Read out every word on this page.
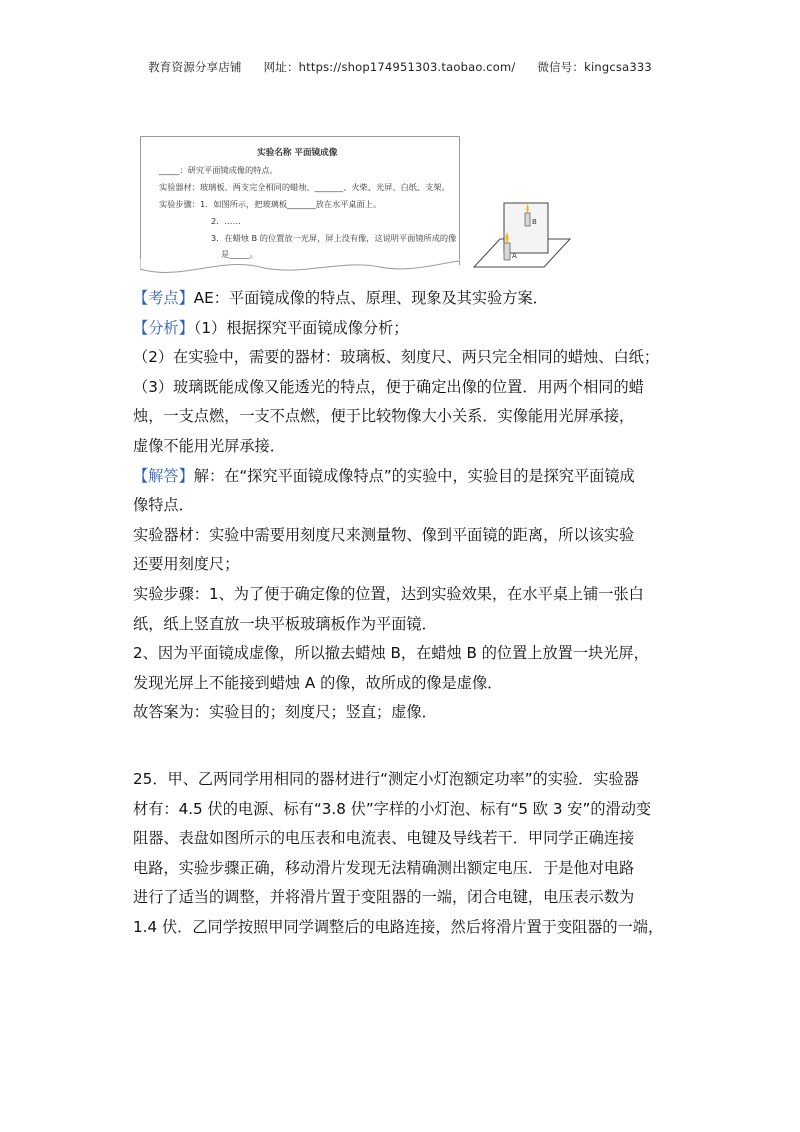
教育资源分享店铺 网址：https://shop174951303.taobao.com/ 微信号：kingcsa333
实验名称 平面镜成像
_____：研究平面镜成像的特点。
实验器材：玻璃板、两支完全相同的蜡烛、_______、火柴、光屏、白纸、支架。
实验步骤：1．如图所示，把玻璃板_______放在水平桌面上。
2．……
3．在蜡烛 B 的位置放一光屏，屏上没有像，这说明平面镜所成的像
是_____。
B
A
【考点】AE：平面镜成像的特点、原理、现象及其实验方案．
【分析】（1）根据探究平面镜成像分析；
（2）在实验中，需要的器材：玻璃板、刻度尺、两只完全相同的蜡烛、白纸；
（3）玻璃既能成像又能透光的特点，便于确定出像的位置．用两个相同的蜡
烛，一支点燃，一支不点燃，便于比较物像大小关系．实像能用光屏承接，
虚像不能用光屏承接．
【解答】解：在“探究平面镜成像特点”的实验中，实验目的是探究平面镜成
像特点．
实验器材：实验中需要用刻度尺来测量物、像到平面镜的距离，所以该实验
还要用刻度尺；
实验步骤：1、为了便于确定像的位置，达到实验效果，在水平桌上铺一张白
纸，纸上竖直放一块平板玻璃板作为平面镜．
2、因为平面镜成虚像，所以撤去蜡烛 B，在蜡烛 B 的位置上放置一块光屏，
发现光屏上不能接到蜡烛 A 的像，故所成的像是虚像．
故答案为：实验目的；刻度尺；竖直；虚像．
25．甲、乙两同学用相同的器材进行“测定小灯泡额定功率”的实验．实验器
材有：4.5 伏的电源、标有“3.8 伏”字样的小灯泡、标有“5 欧 3 安”的滑动变
阻器、表盘如图所示的电压表和电流表、电键及导线若干．甲同学正确连接
电路，实验步骤正确，移动滑片发现无法精确测出额定电压．于是他对电路
进行了适当的调整，并将滑片置于变阻器的一端，闭合电键，电压表示数为
1.4 伏．乙同学按照甲同学调整后的电路连接，然后将滑片置于变阻器的一端，
